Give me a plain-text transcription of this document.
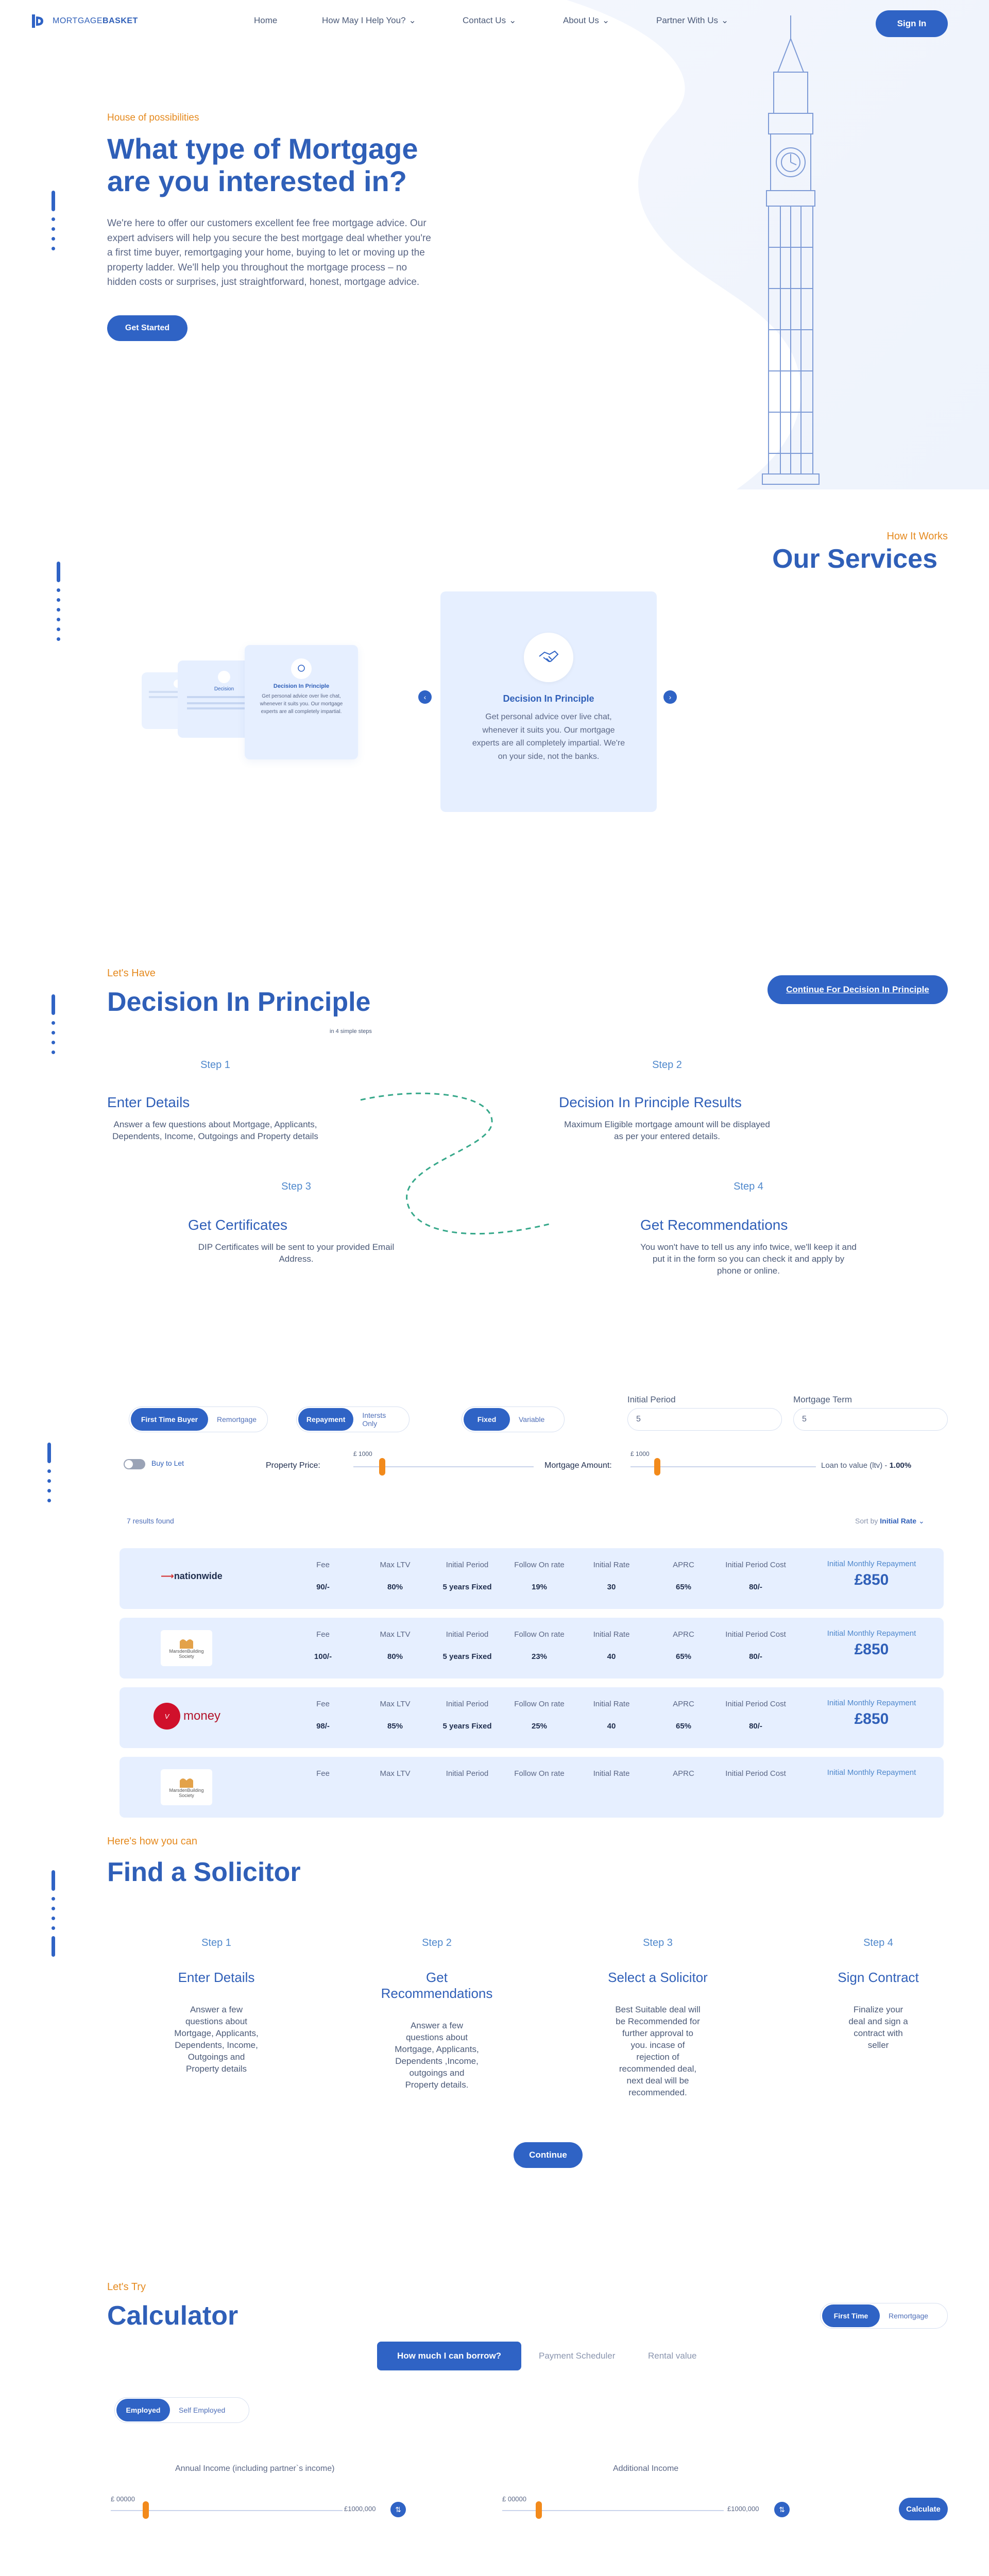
MORTGAGEBASKET	Home	How May I Help You? ⌄	Contact Us ⌄	About Us ⌄	Partner With Us ⌄	Sign In
House of possibilities
What type of Mortgage
are you interested in?
We're here to offer our customers excellent fee free mortgage advice. Our expert advisers will help you secure the best mortgage deal whether you're a first time buyer, remortgaging your home, buying to let or moving up the property ladder. We'll help you throughout the mortgage process – no hidden costs or surprises, just straightforward, honest, mortgage advice.
Get Started
How It Works
Our Services
Decision	Decision In Principle
Get personal advice over live chat, whenever it suits you. Our mortgage experts are all completely impartial.
‹	›
Decision In Principle
Get personal advice over live chat, whenever it suits you. Our mortgage experts are all completely impartial. We're on your side, not the banks.
Let's Have
Decision In Principle
in 4 simple steps
Continue For Decision In Principle
Step 1
Enter Details
Answer a few questions about Mortgage, Applicants, Dependents, Income, Outgoings and Property details
Step 2
Decision In Principle Results
Maximum Eligible mortgage amount will be displayed as per your entered details.
Step 3
Get Certificates
DIP Certificates will be sent to your provided Email Address.
Step 4
Get Recommendations
You won't have to tell us any info twice, we'll keep it and put it in the form so you can check it and apply by phone or online.
First Time Buyer	Remortgage	Repayment	Intersts Only	Fixed	Variable
Initial Period
5
Mortgage Term
5
Buy to Let	Property Price:
£ 1000
Mortgage Amount:
£ 1000
Loan to value (ltv) - 1.00%
7 results found	Sort by Initial Rate ⌄
⟶nationwide
Fee
90/-
Max LTV
80%
Initial Period
5 years Fixed
Follow On rate
19%
Initial Rate
30
APRC
65%
Initial Period Cost
80/-
Initial Monthly Repayment
£850
MarsdenBuilding Society
Fee
100/-
Max LTV
80%
Initial Period
5 years Fixed
Follow On rate
23%
Initial Rate
40
APRC
65%
Initial Period Cost
80/-
Initial Monthly Repayment
£850
V	money
Fee
98/-
Max LTV
85%
Initial Period
5 years Fixed
Follow On rate
25%
Initial Rate
40
APRC
65%
Initial Period Cost
80/-
Initial Monthly Repayment
£850
MarsdenBuilding Society
Fee	Max LTV	Initial Period	Follow On rate	Initial Rate	APRC	Initial Period Cost	Initial Monthly Repayment
Here's how you can
Find a Solicitor
Step 1
Enter Details
Answer a few questions about Mortgage, Applicants, Dependents, Income, Outgoings and Property details
Step 2
Get Recommendations
Answer a few questions about Mortgage, Applicants, Dependents ,Income, outgoings and Property details.
Step 3
Select a Solicitor
Best Suitable deal will be Recommended for further approval to you. incase of rejection of recommended deal, next deal will be recommended.
Step 4
Sign Contract
Finalize your deal and sign a contract with seller
Continue
Let's Try
Calculator	First Time	Remortgage
How much I can borrow?	Payment Scheduler	Rental value
Employed	Self Employed
Annual Income (including partner`s income)
£ 00000
£1000,000	⇅
Additional Income
£ 00000
£1000,000	⇅	Calculate
